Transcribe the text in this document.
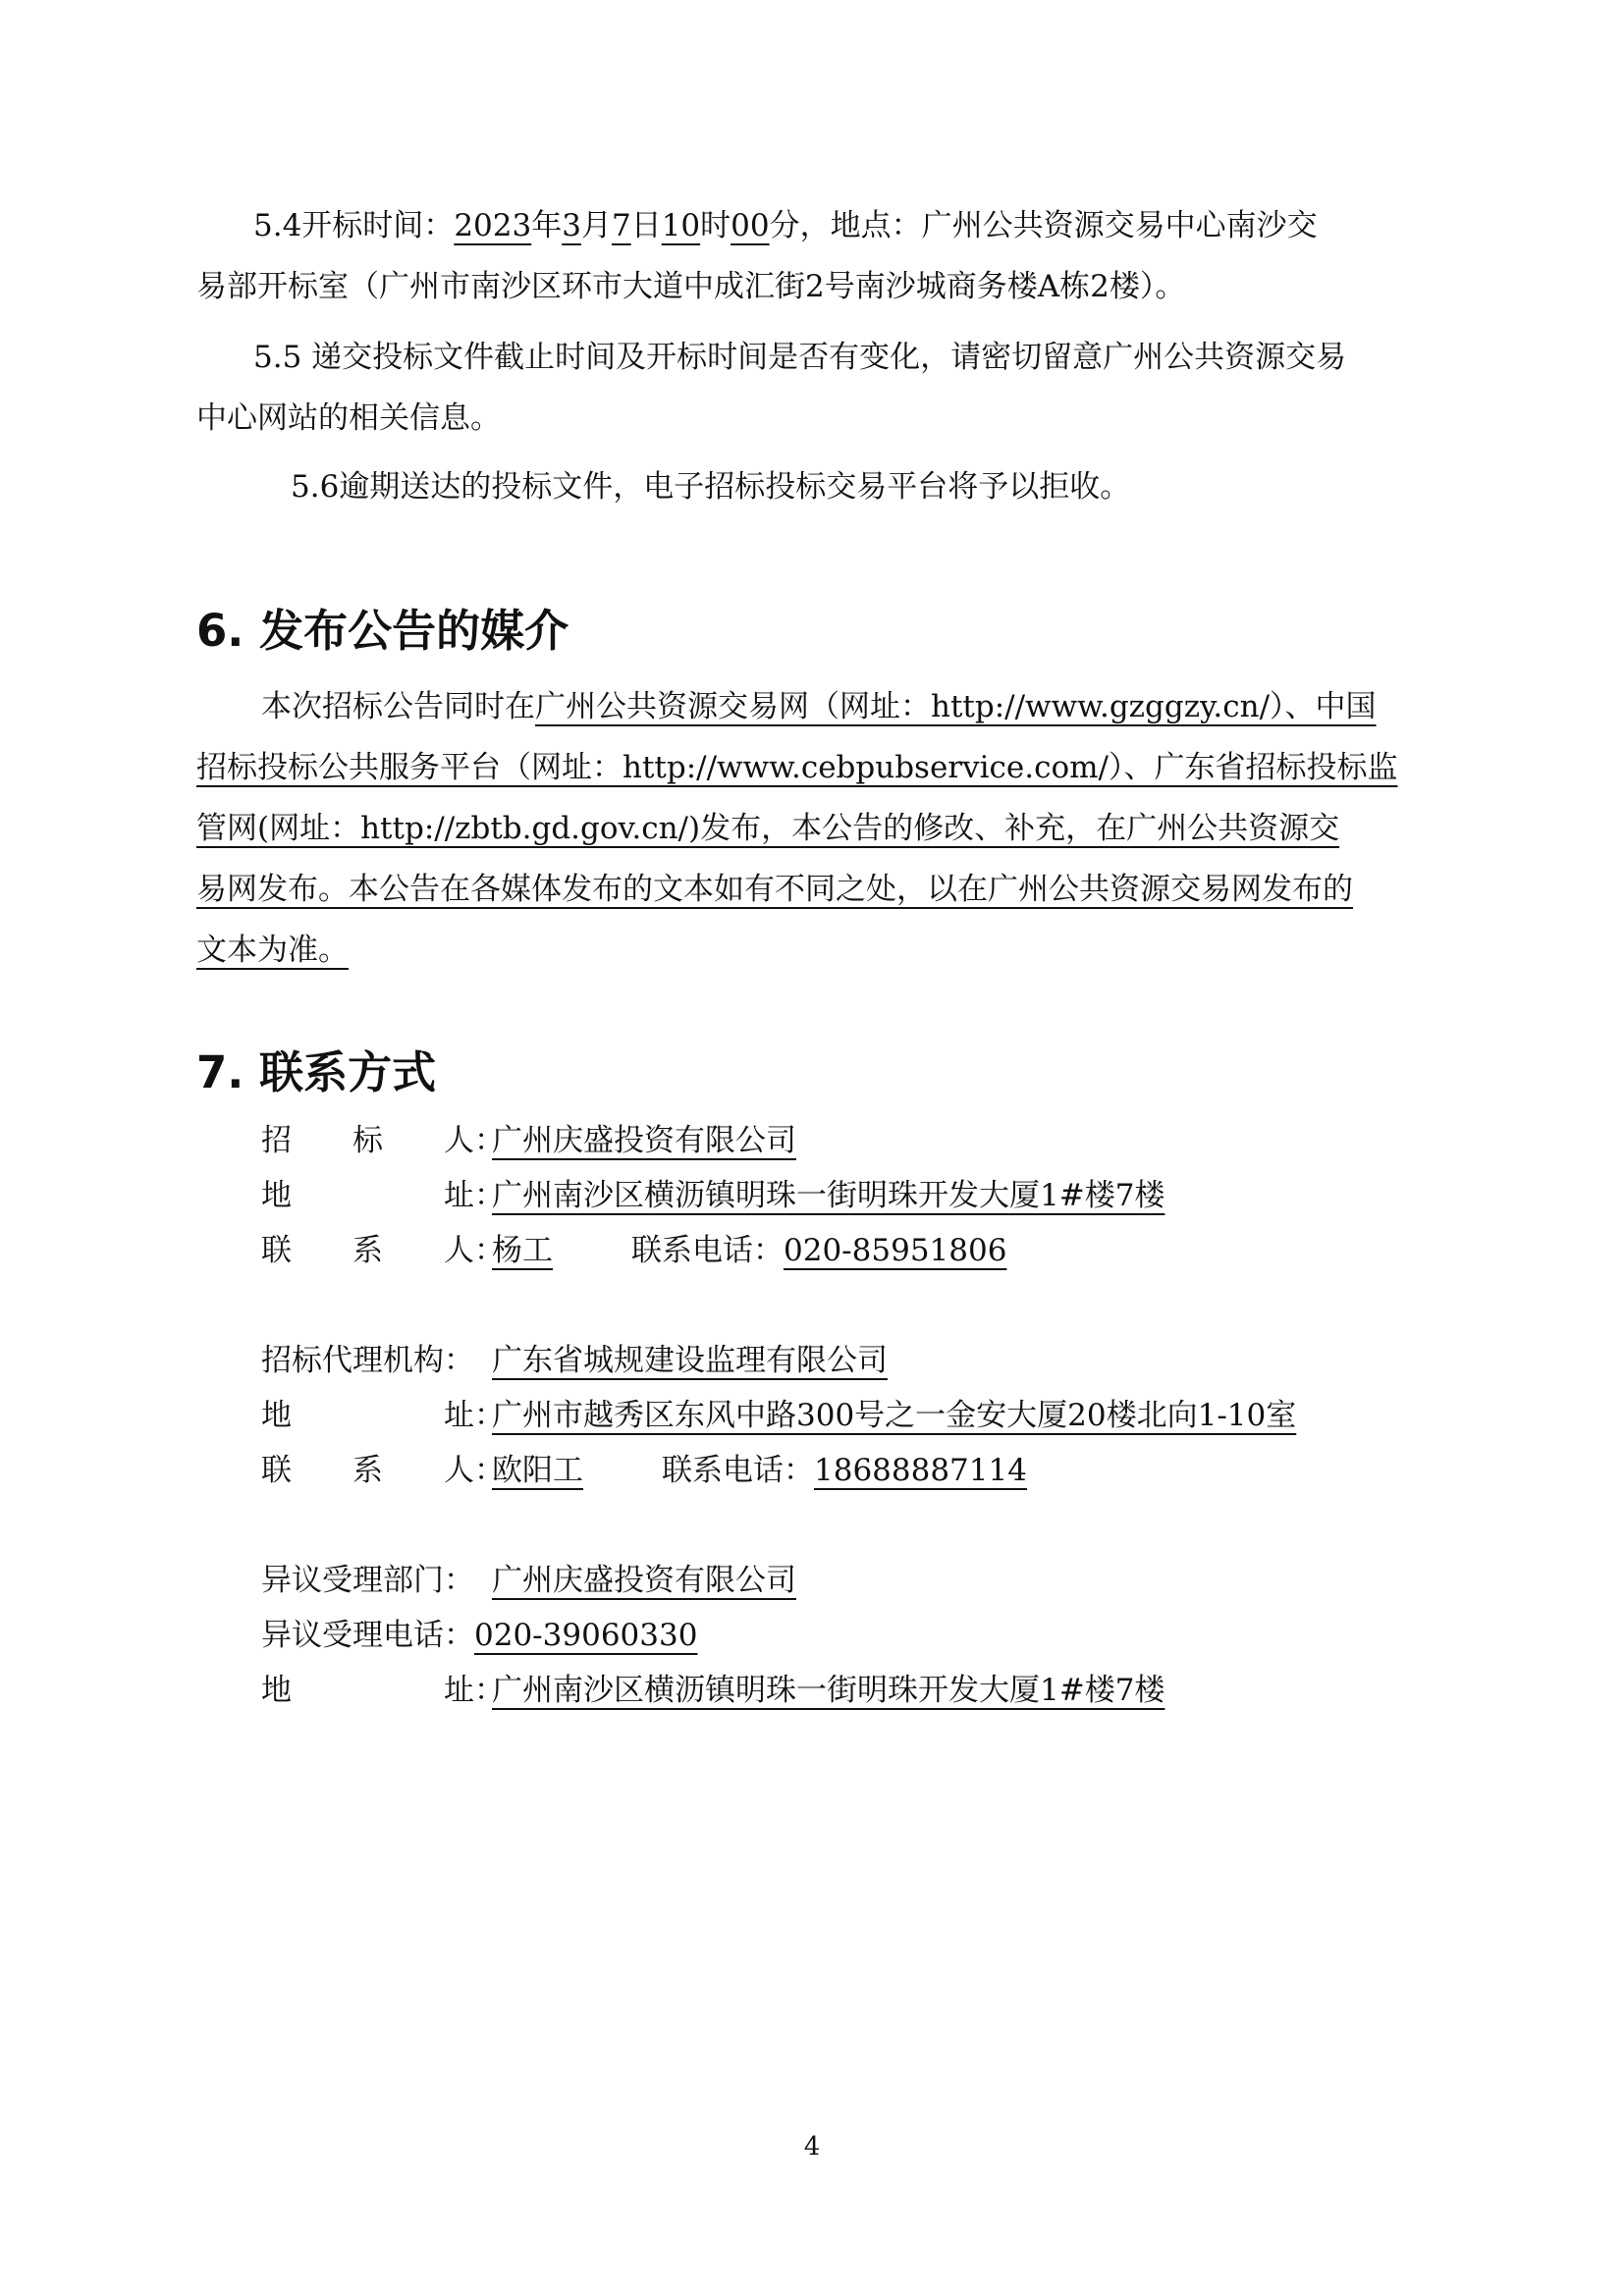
5.4开标时间：2023年3月7日10时00分，地点：广州公共资源交易中心南沙交
易部开标室（广州市南沙区环市大道中成汇街2号南沙城商务楼A栋2楼）。
5.5 递交投标文件截止时间及开标时间是否有变化，请密切留意广州公共资源交易
中心网站的相关信息。
5.6逾期送达的投标文件，电子招标投标交易平台将予以拒收。
6. 发布公告的媒介
本次招标公告同时在广州公共资源交易网（网址：http://www.gzggzy.cn/）、中国
招标投标公共服务平台（网址：http://www.cebpubservice.com/）、广东省招标投标监
管网(网址：http://zbtb.gd.gov.cn/)发布，本公告的修改、补充，在广州公共资源交
易网发布。本公告在各媒体发布的文本如有不同之处，以在广州公共资源交易网发布的
文本为准。
7. 联系方式
招　　标　　人：广州庆盛投资有限公司
地　　　　　址：广州南沙区横沥镇明珠一街明珠开发大厦1#楼7楼
联　　系　　人：杨工	联系电话：020-85951806
招标代理机构： 广东省城规建设监理有限公司
地　　　　　址：广州市越秀区东风中路300号之一金安大厦20楼北向1-10室
联　　系　　人：欧阳工	联系电话：18688887114
异议受理部门： 广州庆盛投资有限公司
异议受理电话：020-39060330
地　　　　　址：广州南沙区横沥镇明珠一街明珠开发大厦1#楼7楼
4
